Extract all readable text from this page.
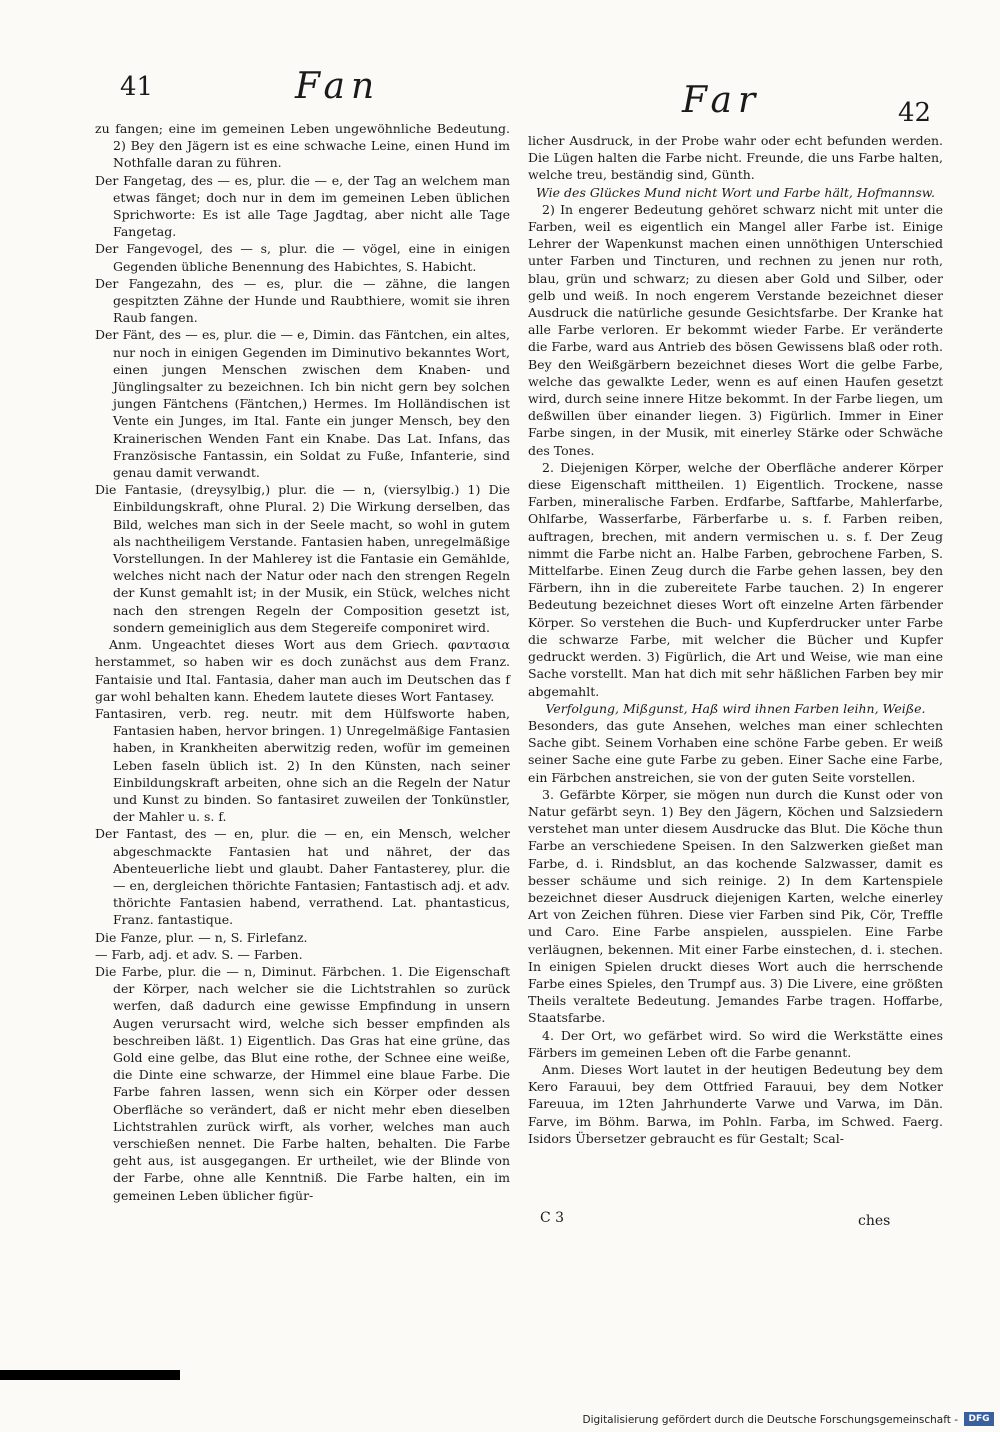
41	Fan	Far	42

zu fangen; eine im gemeinen Leben ungewöhnliche Bedeutung. 2) Bey den Jägern ist es eine schwache Leine, einen Hund im Nothfalle daran zu führen.

Der Fangetag, des — es, plur. die — e, der Tag an welchem man etwas fänget; doch nur in dem im gemeinen Leben üblichen Sprichworte: Es ist alle Tage Jagdtag, aber nicht alle Tage Fangetag.

Der Fangevogel, des — s, plur. die — vögel, eine in einigen Gegenden übliche Benennung des Habichtes, S. Habicht.

Der Fangezahn, des — es, plur. die — zähne, die langen gespitzten Zähne der Hunde und Raubthiere, womit sie ihren Raub fangen.

Der Fänt, des — es, plur. die — e, Dimin. das Fäntchen, ein altes, nur noch in einigen Gegenden im Diminutivo bekanntes Wort, einen jungen Menschen zwischen dem Knaben- und Jünglingsalter zu bezeichnen. Ich bin nicht gern bey solchen jungen Fäntchens (Fäntchen,) Hermes. Im Holländischen ist Vente ein Junges, im Ital. Fante ein junger Mensch, bey den Krainerischen Wenden Fant ein Knabe. Das Lat. Infans, das Französische Fantassin, ein Soldat zu Fuße, Infanterie, sind genau damit verwandt.

Die Fantasie, (dreysylbig,) plur. die — n, (viersylbig.) 1) Die Einbildungskraft, ohne Plural. 2) Die Wirkung derselben, das Bild, welches man sich in der Seele macht, so wohl in gutem als nachtheiligem Verstande. Fantasien haben, unregelmäßige Vorstellungen. In der Mahlerey ist die Fantasie ein Gemählde, welches nicht nach der Natur oder nach den strengen Regeln der Kunst gemahlt ist; in der Musik, ein Stück, welches nicht nach den strengen Regeln der Composition gesetzt ist, sondern gemeiniglich aus dem Stegereife componiret wird.

Anm. Ungeachtet dieses Wort aus dem Griech. φαντασια herstammet, so haben wir es doch zunächst aus dem Franz. Fantaisie und Ital. Fantasia, daher man auch im Deutschen das f gar wohl behalten kann. Ehedem lautete dieses Wort Fantasey.

Fantasiren, verb. reg. neutr. mit dem Hülfsworte haben, Fantasien haben, hervor bringen. 1) Unregelmäßige Fantasien haben, in Krankheiten aberwitzig reden, wofür im gemeinen Leben faseln üblich ist. 2) In den Künsten, nach seiner Einbildungskraft arbeiten, ohne sich an die Regeln der Natur und Kunst zu binden. So fantasiret zuweilen der Tonkünstler, der Mahler u. s. f.

Der Fantast, des — en, plur. die — en, ein Mensch, welcher abgeschmackte Fantasien hat und nähret, der das Abenteuerliche liebt und glaubt. Daher Fantasterey, plur. die — en, dergleichen thörichte Fantasien; Fantastisch adj. et adv. thörichte Fantasien habend, verrathend. Lat. phantasticus, Franz. fantastique.

Die Fanze, plur. — n, S. Firlefanz.

— Farb, adj. et adv. S. — Farben.

Die Farbe, plur. die — n, Diminut. Färbchen. 1. Die Eigenschaft der Körper, nach welcher sie die Lichtstrahlen so zurück werfen, daß dadurch eine gewisse Empfindung in unsern Augen verursacht wird, welche sich besser empfinden als beschreiben läßt. 1) Eigentlich. Das Gras hat eine grüne, das Gold eine gelbe, das Blut eine rothe, der Schnee eine weiße, die Dinte eine schwarze, der Himmel eine blaue Farbe. Die Farbe fahren lassen, wenn sich ein Körper oder dessen Oberfläche so verändert, daß er nicht mehr eben dieselben Lichtstrahlen zurück wirft, als vorher, welches man auch verschießen nennet. Die Farbe halten, behalten. Die Farbe geht aus, ist ausgegangen. Er urtheilet, wie der Blinde von der Farbe, ohne alle Kenntniß. Die Farbe halten, ein im gemeinen Leben üblicher figür-

licher Ausdruck, in der Probe wahr oder echt befunden werden. Die Lügen halten die Farbe nicht. Freunde, die uns Farbe halten, welche treu, beständig sind, Günth.

Wie des Glückes Mund nicht Wort und Farbe hält, Hofmannsw.

2) In engerer Bedeutung gehöret schwarz nicht mit unter die Farben, weil es eigentlich ein Mangel aller Farbe ist. Einige Lehrer der Wapenkunst machen einen unnöthigen Unterschied unter Farben und Tincturen, und rechnen zu jenen nur roth, blau, grün und schwarz; zu diesen aber Gold und Silber, oder gelb und weiß. In noch engerem Verstande bezeichnet dieser Ausdruck die natürliche gesunde Gesichtsfarbe. Der Kranke hat alle Farbe verloren. Er bekommt wieder Farbe. Er veränderte die Farbe, ward aus Antrieb des bösen Gewissens blaß oder roth. Bey den Weißgärbern bezeichnet dieses Wort die gelbe Farbe, welche das gewalkte Leder, wenn es auf einen Haufen gesetzt wird, durch seine innere Hitze bekommt. In der Farbe liegen, um deßwillen über einander liegen. 3) Figürlich. Immer in Einer Farbe singen, in der Musik, mit einerley Stärke oder Schwäche des Tones.

2. Diejenigen Körper, welche der Oberfläche anderer Körper diese Eigenschaft mittheilen. 1) Eigentlich. Trockene, nasse Farben, mineralische Farben. Erdfarbe, Saftfarbe, Mahlerfarbe, Ohlfarbe, Wasserfarbe, Färberfarbe u. s. f. Farben reiben, auftragen, brechen, mit andern vermischen u. s. f. Der Zeug nimmt die Farbe nicht an. Halbe Farben, gebrochene Farben, S. Mittelfarbe. Einen Zeug durch die Farbe gehen lassen, bey den Färbern, ihn in die zubereitete Farbe tauchen. 2) In engerer Bedeutung bezeichnet dieses Wort oft einzelne Arten färbender Körper. So verstehen die Buch- und Kupferdrucker unter Farbe die schwarze Farbe, mit welcher die Bücher und Kupfer gedruckt werden. 3) Figürlich, die Art und Weise, wie man eine Sache vorstellt. Man hat dich mit sehr häßlichen Farben bey mir abgemahlt.

Verfolgung, Mißgunst, Haß wird ihnen Farben leihn, Weiße.

Besonders, das gute Ansehen, welches man einer schlechten Sache gibt. Seinem Vorhaben eine schöne Farbe geben. Er weiß seiner Sache eine gute Farbe zu geben. Einer Sache eine Farbe, ein Färbchen anstreichen, sie von der guten Seite vorstellen.

3. Gefärbte Körper, sie mögen nun durch die Kunst oder von Natur gefärbt seyn. 1) Bey den Jägern, Köchen und Salzsiedern verstehet man unter diesem Ausdrucke das Blut. Die Köche thun Farbe an verschiedene Speisen. In den Salzwerken gießet man Farbe, d. i. Rindsblut, an das kochende Salzwasser, damit es besser schäume und sich reinige. 2) In dem Kartenspiele bezeichnet dieser Ausdruck diejenigen Karten, welche einerley Art von Zeichen führen. Diese vier Farben sind Pik, Cör, Treffle und Caro. Eine Farbe anspielen, ausspielen. Eine Farbe verläugnen, bekennen. Mit einer Farbe einstechen, d. i. stechen. In einigen Spielen druckt dieses Wort auch die herrschende Farbe eines Spieles, den Trumpf aus. 3) Die Livere, eine größten Theils veraltete Bedeutung. Jemandes Farbe tragen. Hoffarbe, Staatsfarbe.

4. Der Ort, wo gefärbet wird. So wird die Werkstätte eines Färbers im gemeinen Leben oft die Farbe genannt.

Anm. Dieses Wort lautet in der heutigen Bedeutung bey dem Kero Farauui, bey dem Ottfried Farauui, bey dem Notker Fareuua, im 12ten Jahrhunderte Varwe und Varwa, im Dän. Farve, im Böhm. Barwa, im Pohln. Farba, im Schwed. Faerg. Isidors Übersetzer gebraucht es für Gestalt; Scal-

C 3	ches
Digitalisierung gefördert durch die Deutsche Forschungsgemeinschaft -	DFG
